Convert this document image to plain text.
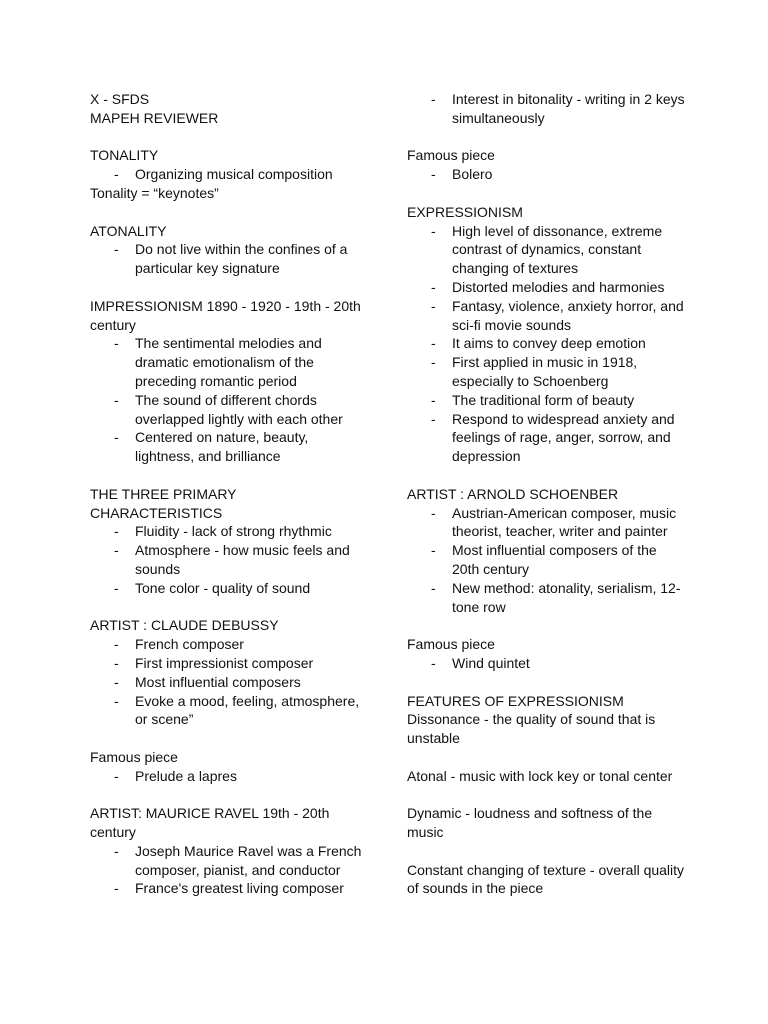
X - SFDS
MAPEH REVIEWER
TONALITY
- Organizing musical composition
Tonality = “keynotes”
ATONALITY
- Do not live within the confines of a particular key signature
IMPRESSIONISM 1890 - 1920 - 19th - 20th century
- The sentimental melodies and dramatic emotionalism of the preceding romantic period
- The sound of different chords overlapped lightly with each other
- Centered on nature, beauty, lightness, and brilliance
THE THREE PRIMARY CHARACTERISTICS
- Fluidity - lack of strong rhythmic
- Atmosphere - how music feels and sounds
- Tone color - quality of sound
ARTIST : CLAUDE DEBUSSY
- French composer
- First impressionist composer
- Most influential composers
- Evoke a mood, feeling, atmosphere, or scene”
Famous piece
- Prelude a lapres
ARTIST: MAURICE RAVEL 19th - 20th century
- Joseph Maurice Ravel was a French composer, pianist, and conductor
- France's greatest living composer
- Interest in bitonality - writing in 2 keys simultaneously
Famous piece
- Bolero
EXPRESSIONISM
- High level of dissonance, extreme contrast of dynamics, constant changing of textures
- Distorted melodies and harmonies
- Fantasy, violence, anxiety horror, and sci-fi movie sounds
- It aims to convey deep emotion
- First applied in music in 1918, especially to Schoenberg
- The traditional form of beauty
- Respond to widespread anxiety and feelings of rage, anger, sorrow, and depression
ARTIST : ARNOLD SCHOENBER
- Austrian-American composer, music theorist, teacher, writer and painter
- Most influential composers of the 20th century
- New method: atonality, serialism, 12-tone row
Famous piece
- Wind quintet
FEATURES OF EXPRESSIONISM
Dissonance - the quality of sound that is unstable
Atonal - music with lock key or tonal center
Dynamic - loudness and softness of the music
Constant changing of texture - overall quality of sounds in the piece
